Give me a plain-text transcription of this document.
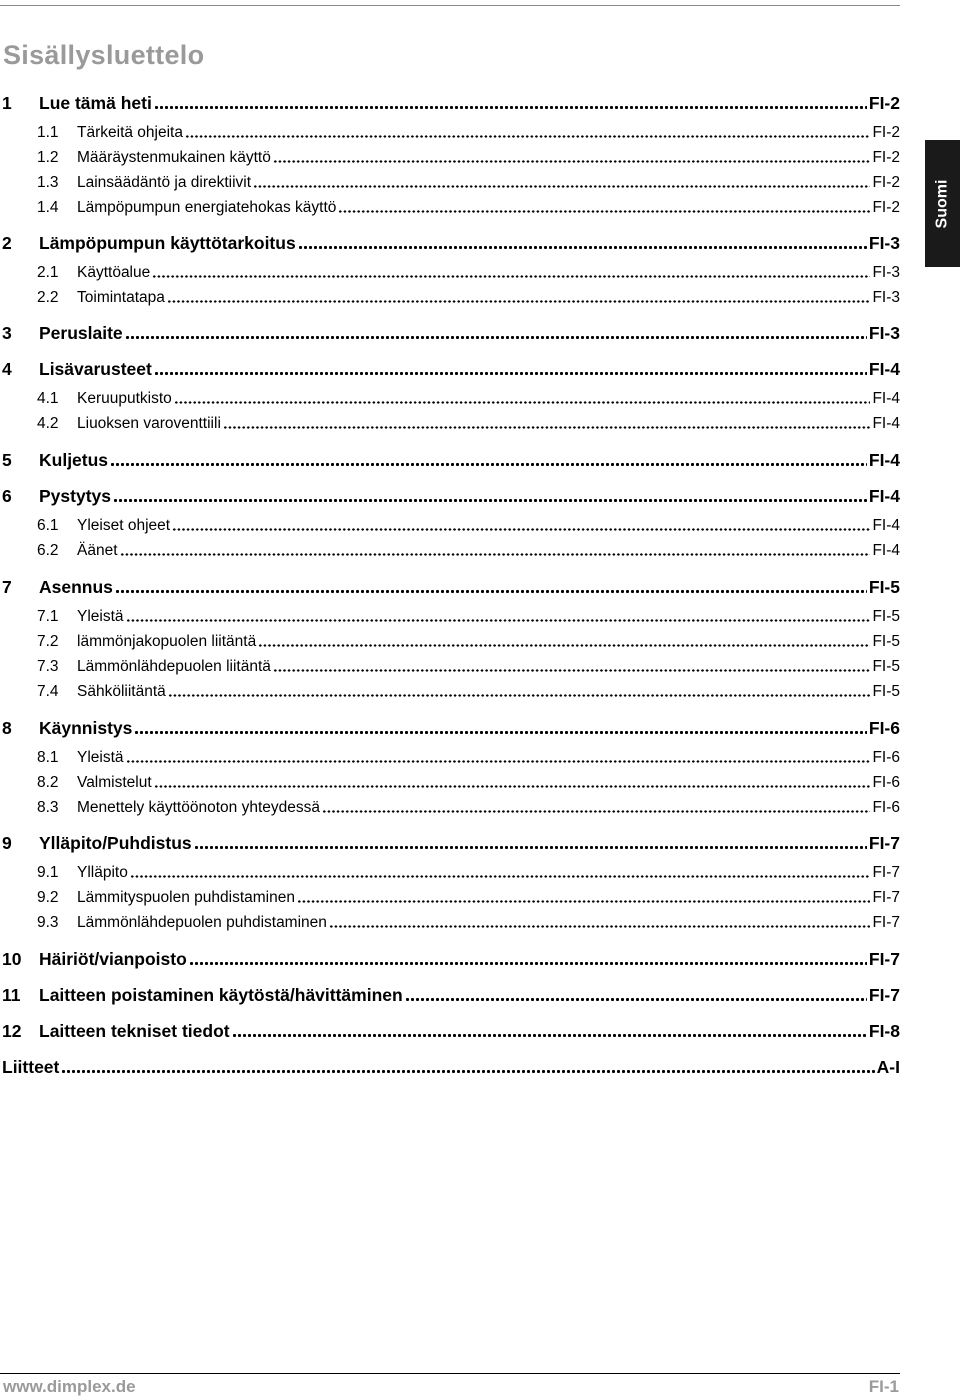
Sisällysluettelo
Suomi
1	Lue tämä heti	FI-2
1.1	Tärkeitä ohjeita	FI-2
1.2	Määräystenmukainen käyttö	FI-2
1.3	Lainsäädäntö ja direktiivit	FI-2
1.4	Lämpöpumpun energiatehokas käyttö	FI-2
2	Lämpöpumpun käyttötarkoitus	FI-3
2.1	Käyttöalue	FI-3
2.2	Toimintatapa	FI-3
3	Peruslaite	FI-3
4	Lisävarusteet	FI-4
4.1	Keruuputkisto	FI-4
4.2	Liuoksen varoventtiili	FI-4
5	Kuljetus	FI-4
6	Pystytys	FI-4
6.1	Yleiset ohjeet	FI-4
6.2	Äänet	FI-4
7	Asennus	FI-5
7.1	Yleistä	FI-5
7.2	lämmönjakopuolen liitäntä	FI-5
7.3	Lämmönlähdepuolen liitäntä	FI-5
7.4	Sähköliitäntä	FI-5
8	Käynnistys	FI-6
8.1	Yleistä	FI-6
8.2	Valmistelut	FI-6
8.3	Menettely käyttöönoton yhteydessä	FI-6
9	Ylläpito/Puhdistus	FI-7
9.1	Ylläpito	FI-7
9.2	Lämmityspuolen puhdistaminen	FI-7
9.3	Lämmönlähdepuolen puhdistaminen	FI-7
10	Häiriöt/vianpoisto	FI-7
11	Laitteen poistaminen käytöstä/hävittäminen	FI-7
12	Laitteen tekniset tiedot	FI-8
Liitteet	A-I
www.dimplex.de	FI-1
